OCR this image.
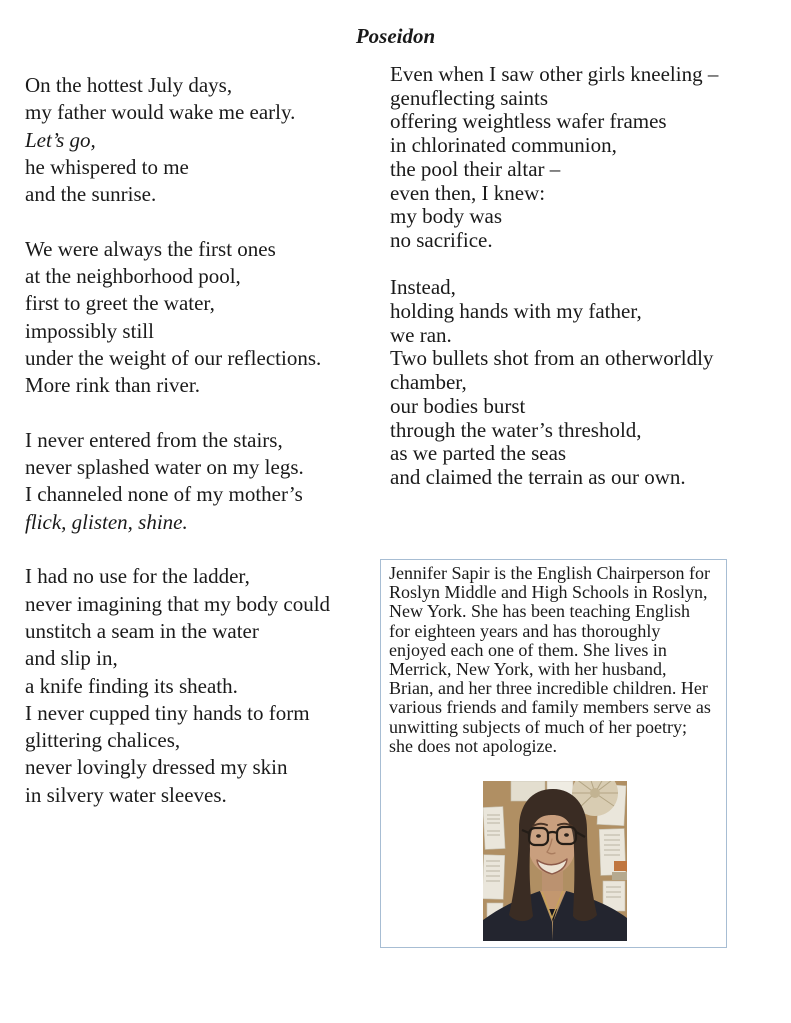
Poseidon
On the hottest July days,
my father would wake me early.
Let’s go,
he whispered to me
and the sunrise.
We were always the first ones
at the neighborhood pool,
first to greet the water,
impossibly still
under the weight of our reflections.
More rink than river.
I never entered from the stairs,
never splashed water on my legs.
I channeled none of my mother’s
flick, glisten, shine.
I had no use for the ladder,
never imagining that my body could
unstitch a seam in the water
and slip in,
a knife finding its sheath.
I never cupped tiny hands to form
glittering chalices,
never lovingly dressed my skin
in silvery water sleeves.
Even when I saw other girls kneeling –
genuflecting saints
offering weightless wafer frames
in chlorinated communion,
the pool their altar –
even then, I knew:
my body was
no sacrifice.
Instead,
holding hands with my father,
we ran.
Two bullets shot from an otherworldly
chamber,
our bodies burst
through the water’s threshold,
as we parted the seas
and claimed the terrain as our own.
Jennifer Sapir is the English Chairperson for
Roslyn Middle and High Schools in Roslyn,
New York. She has been teaching English
for eighteen years and has thoroughly
enjoyed each one of them. She lives in
Merrick, New York, with her husband,
Brian, and her three incredible children. Her
various friends and family members serve as
unwitting subjects of much of her poetry;
she does not apologize.
